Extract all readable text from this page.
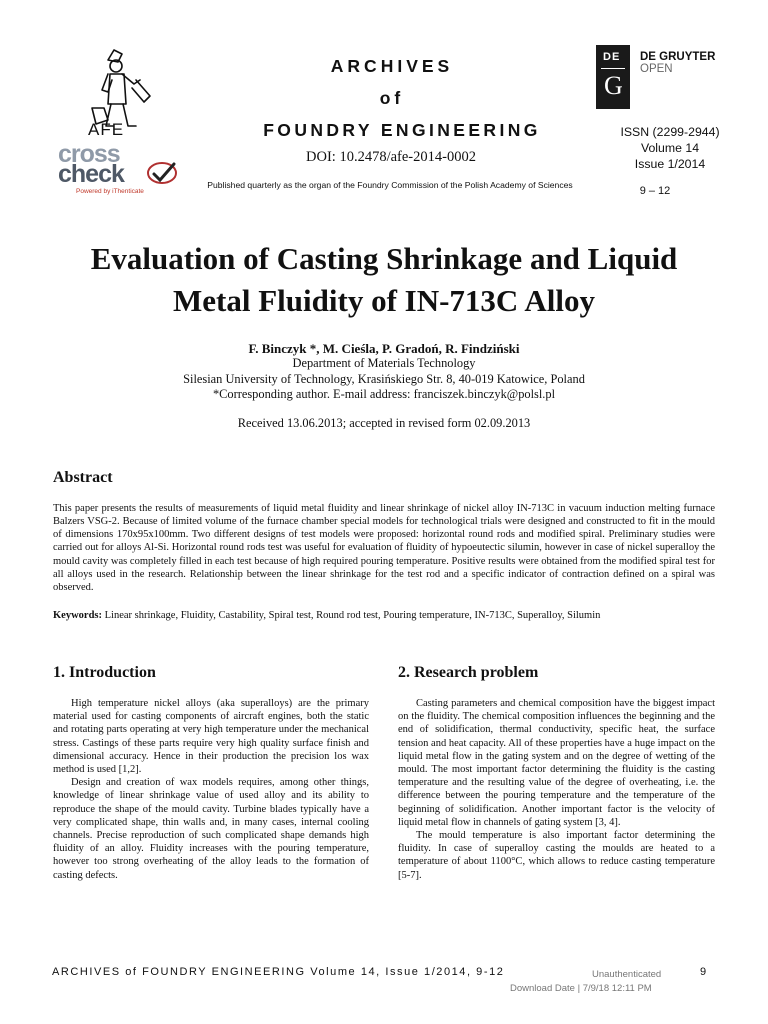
AFE
cross
check
Powered by iThenticate
ARCHIVES
of
FOUNDRY ENGINEERING
DOI: 10.2478/afe-2014-0002
Published quarterly as the organ of the Foundry Commission of the Polish Academy of Sciences
DE
G
DE GRUYTER
OPEN
ISSN (2299-2944)
Volume 14
Issue 1/2014
9 – 12
Evaluation of Casting Shrinkage and Liquid
Metal Fluidity of IN-713C Alloy
F. Binczyk *, M. Cieśla, P. Gradoń, R. Findziński
Department of Materials Technology
Silesian University of Technology, Krasińskiego Str. 8, 40-019 Katowice, Poland
*Corresponding author. E-mail address: franciszek.binczyk@polsl.pl
Received 13.06.2013; accepted in revised form 02.09.2013
Abstract
This paper presents the results of measurements of liquid metal fluidity and linear shrinkage of nickel alloy IN-713C in vacuum induction melting furnace Balzers VSG-2. Because of limited volume of the furnace chamber special models for technological trials were designed and constructed to fit in the mould of dimensions 170x95x100mm. Two different designs of test models were proposed: horizontal round rods and modified spiral. Preliminary studies were carried out for alloys Al-Si. Horizontal round rods test was useful for evaluation of fluidity of hypoeutectic silumin, however in case of nickel superalloy the mould cavity was completely filled in each test because of high required pouring temperature. Positive results were obtained from the modified spiral test for all alloys used in the research. Relationship between the linear shrinkage for the test rod and a specific indicator of contraction defined on a spiral was observed.
Keywords: Linear shrinkage, Fluidity, Castability, Spiral test, Round rod test, Pouring temperature, IN-713C, Superalloy, Silumin
1. Introduction

High temperature nickel alloys (aka superalloys) are the primary material used for casting components of aircraft engines, both the static and rotating parts operating at very high temperature under the mechanical stress. Castings of these parts require very high quality surface finish and dimensional accuracy. Hence in their production the precision los wax method is used [1,2].

Design and creation of wax models requires, among other things, knowledge of linear shrinkage value of used alloy and its ability to reproduce the shape of the mould cavity. Turbine blades typically have a very complicated shape, thin walls and, in many cases, internal cooling channels. Precise reproduction of such complicated shape demands high fluidity of an alloy. Fluidity increases with the pouring temperature, however too strong overheating of the alloy leads to the formation of casting defects.

2. Research problem

Casting parameters and chemical composition have the biggest impact on the fluidity. The chemical composition influences the beginning and the end of solidification, thermal conductivity, specific heat, the surface tension and heat capacity. All of these properties have a huge impact on the liquid metal flow in the gating system and on the degree of wetting of the mould. The most important factor determining the fluidity is the casting temperature and the resulting value of the degree of overheating, i.e. the difference between the pouring temperature and the temperature of the beginning of solidification. Another important factor is the velocity of liquid metal flow in channels of gating system [3, 4].

The mould temperature is also important factor determining the fluidity. In case of superalloy casting the moulds are heated to a temperature of about 1100°C, which allows to reduce casting temperature [5-7].

ARCHIVES of FOUNDRY ENGINEERING Volume 14, Issue 1/2014, 9-12	Unauthenticated	9
Download Date | 7/9/18 12:11 PM
